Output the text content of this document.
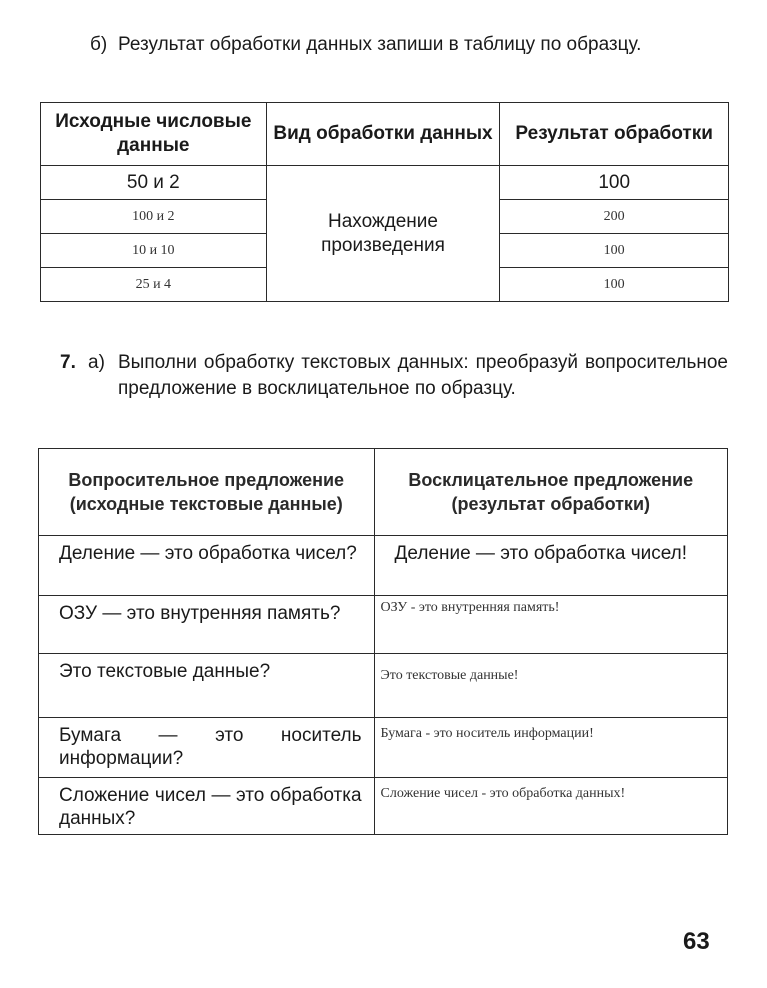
б) Результат обработки данных запиши в таблицу по образцу.
Исходные числовые данные	Вид обработки данных	Результат обработки
50 и 2	Нахождение произведения	100
100 и 2		200
10 и 10		100
25 и 4		100
7. а) Выполни обработку текстовых данных: преобразуй вопросительное предложение в восклицательное по образцу.
Вопросительное предложение (исходные текстовые данные)	Восклицательное предложение (результат обработки)
Деление — это обработка чисел?	Деление — это обработка чисел!
ОЗУ — это внутренняя память?	ОЗУ - это внутренняя память!
Это текстовые данные?	Это текстовые данные!
Бумага — это носитель информации?	Бумага - это носитель информации!
Сложение чисел — это обработка данных?	Сложение чисел - это обработка данных!
63
